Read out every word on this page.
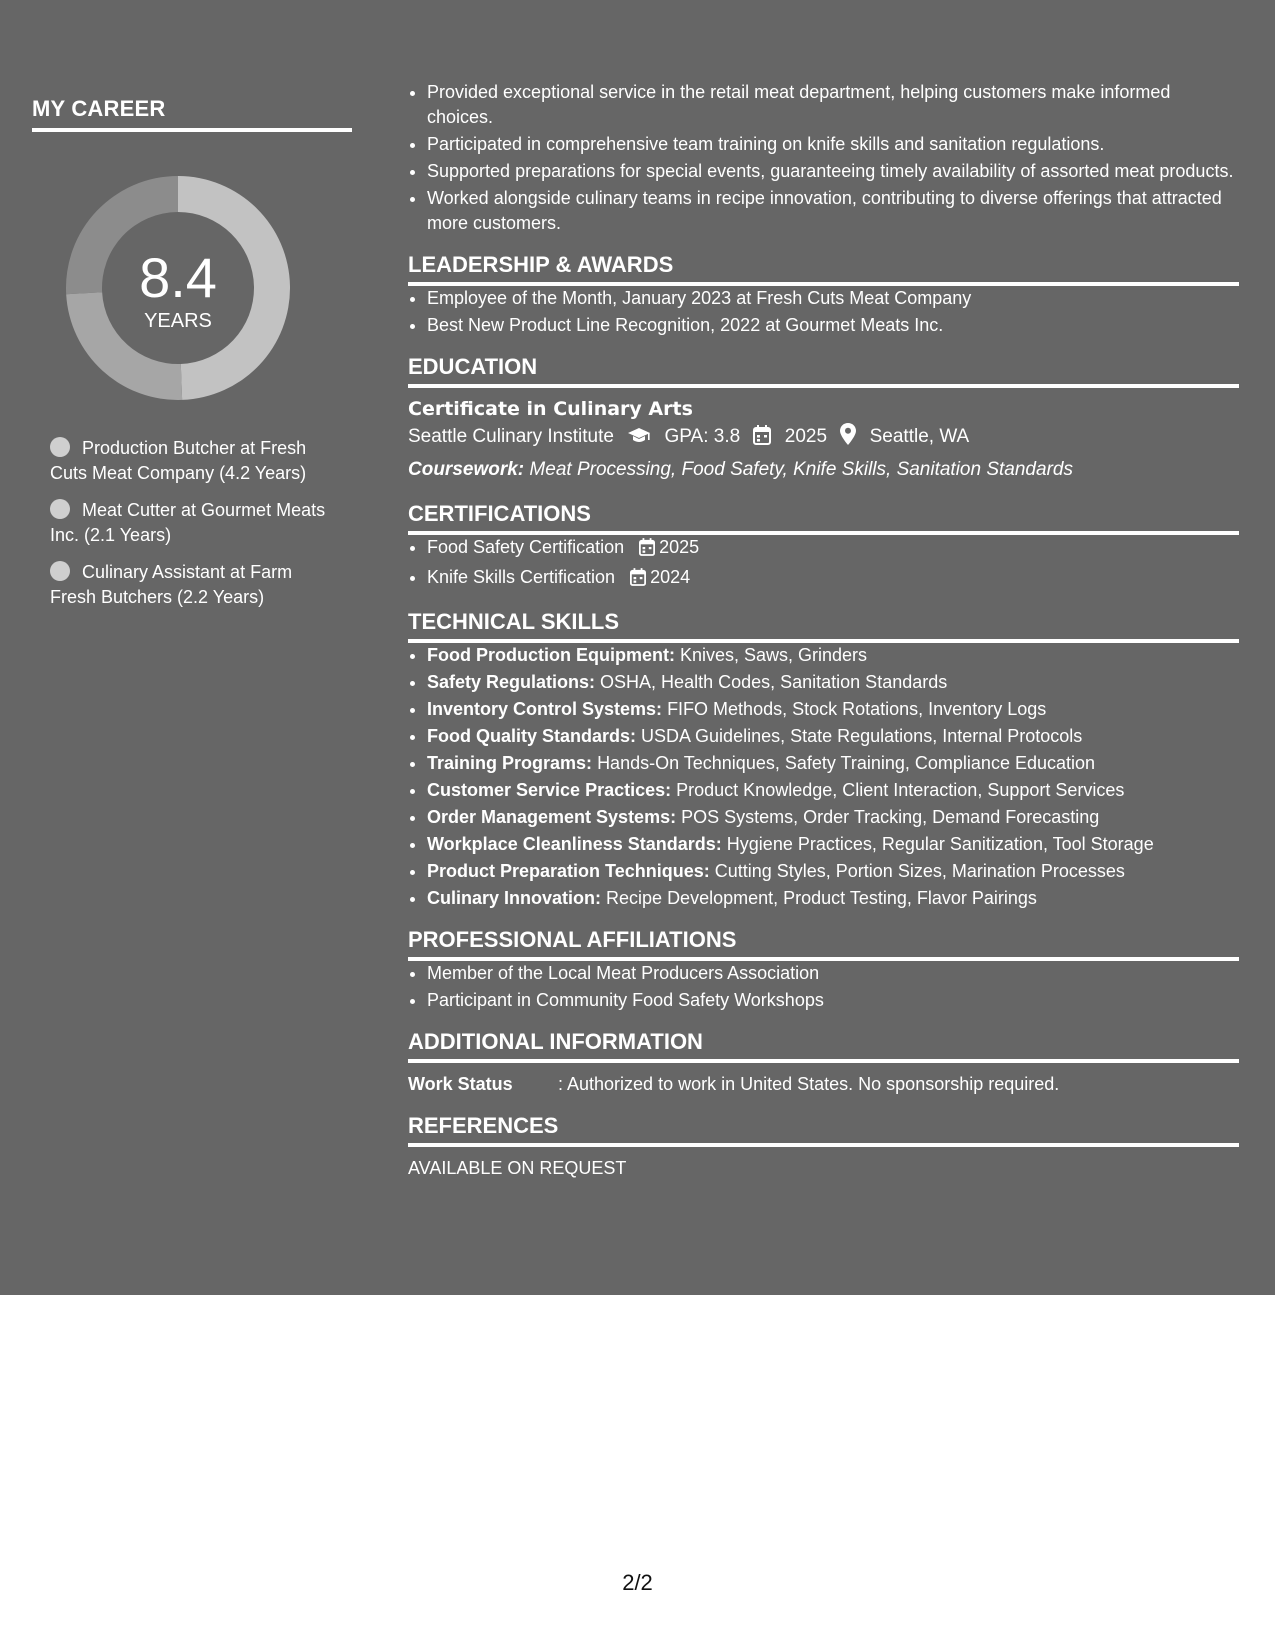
MY CAREER
8.4
YEARS
Production Butcher at Fresh Cuts Meat Company (4.2 Years)
Meat Cutter at Gourmet Meats Inc. (2.1 Years)
Culinary Assistant at Farm Fresh Butchers (2.2 Years)
• Provided exceptional service in the retail meat department, helping customers make informed choices.
• Participated in comprehensive team training on knife skills and sanitation regulations.
• Supported preparations for special events, guaranteeing timely availability of assorted meat products.
• Worked alongside culinary teams in recipe innovation, contributing to diverse offerings that attracted more customers.
LEADERSHIP & AWARDS
• Employee of the Month, January 2023 at Fresh Cuts Meat Company
• Best New Product Line Recognition, 2022 at Gourmet Meats Inc.
EDUCATION
Certificate in Culinary Arts
Seattle Culinary Institute	GPA: 3.8 2025 Seattle, WA
Coursework: Meat Processing, Food Safety, Knife Skills, Sanitation Standards
CERTIFICATIONS
• Food Safety Certification 2025
• Knife Skills Certification 2024
TECHNICAL SKILLS
• Food Production Equipment: Knives, Saws, Grinders
• Safety Regulations: OSHA, Health Codes, Sanitation Standards
• Inventory Control Systems: FIFO Methods, Stock Rotations, Inventory Logs
• Food Quality Standards: USDA Guidelines, State Regulations, Internal Protocols
• Training Programs: Hands-On Techniques, Safety Training, Compliance Education
• Customer Service Practices: Product Knowledge, Client Interaction, Support Services
• Order Management Systems: POS Systems, Order Tracking, Demand Forecasting
• Workplace Cleanliness Standards: Hygiene Practices, Regular Sanitization, Tool Storage
• Product Preparation Techniques: Cutting Styles, Portion Sizes, Marination Processes
• Culinary Innovation: Recipe Development, Product Testing, Flavor Pairings
PROFESSIONAL AFFILIATIONS
• Member of the Local Meat Producers Association
• Participant in Community Food Safety Workshops
ADDITIONAL INFORMATION
Work Status	: Authorized to work in United States. No sponsorship required.
REFERENCES
AVAILABLE ON REQUEST
2/2
